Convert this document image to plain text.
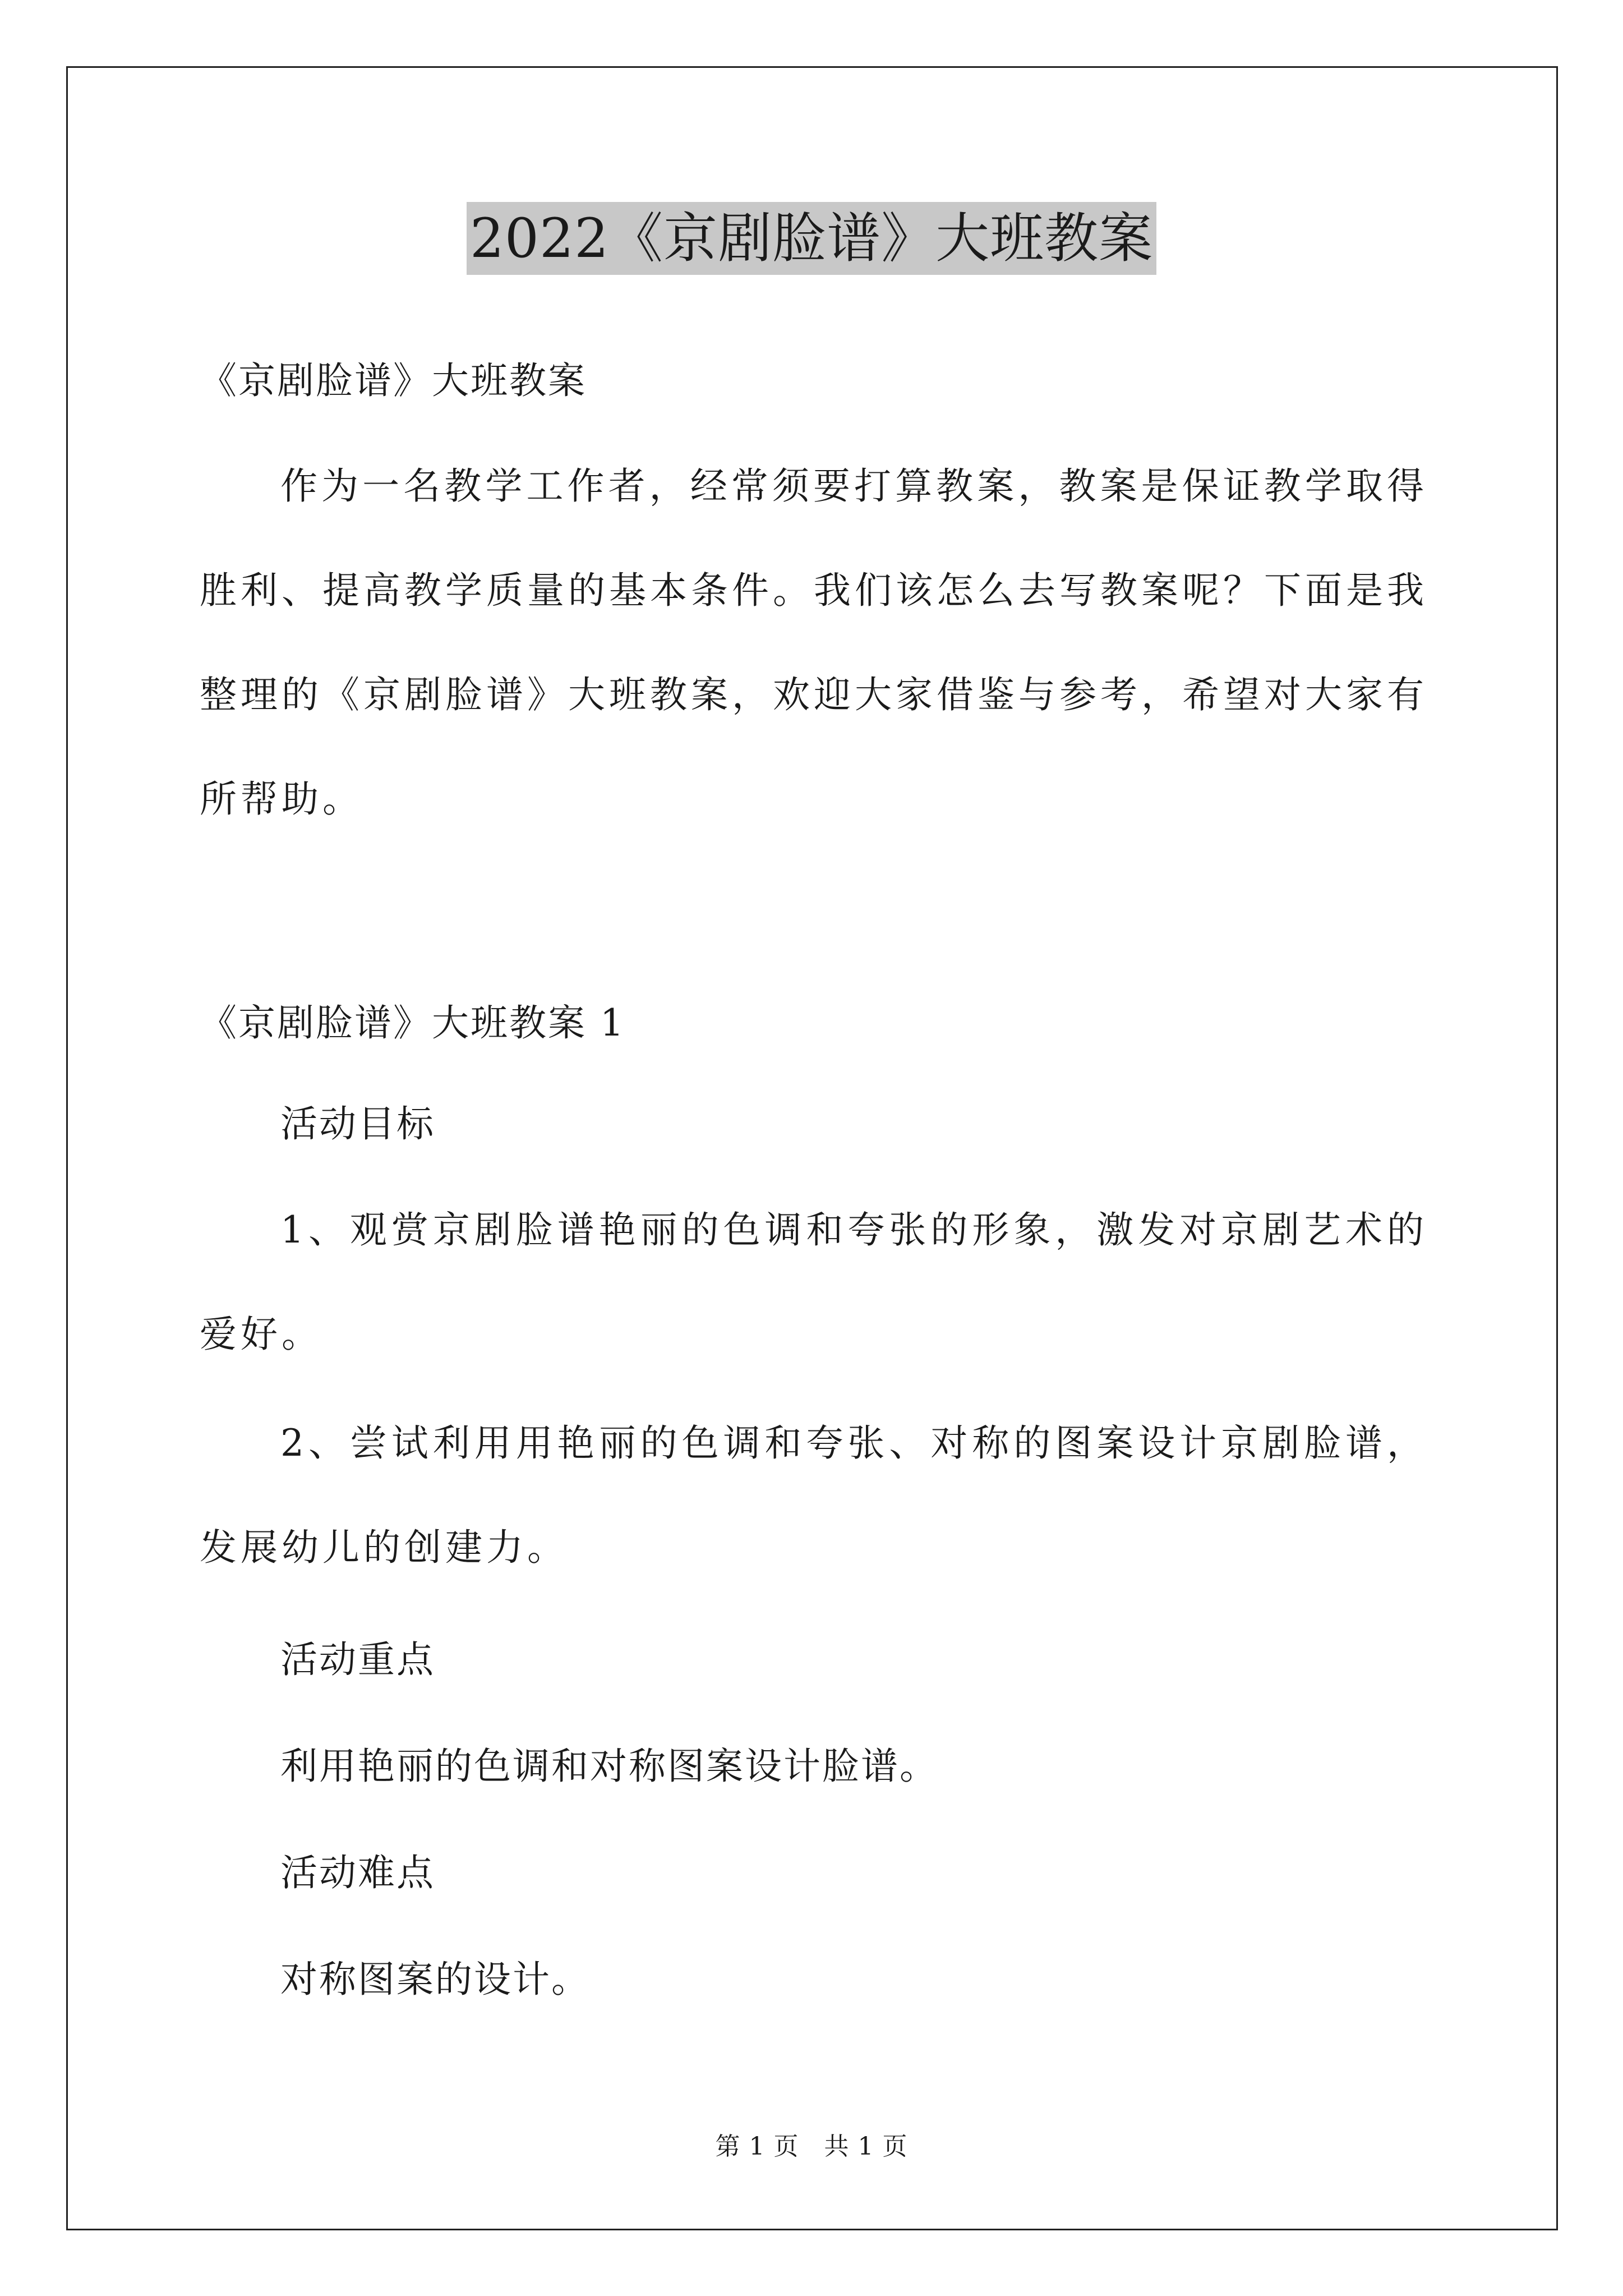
2022《京剧脸谱》大班教案

《京剧脸谱》大班教案

作为一名教学工作者，经常须要打算教案，教案是保证教学取得胜利、提高教学质量的基本条件。我们该怎么去写教案呢？下面是我整理的《京剧脸谱》大班教案，欢迎大家借鉴与参考，希望对大家有所帮助。

《京剧脸谱》大班教案 1

活动目标

1、观赏京剧脸谱艳丽的色调和夸张的形象，激发对京剧艺术的爱好。

2、尝试利用用艳丽的色调和夸张、对称的图案设计京剧脸谱，发展幼儿的创建力。

活动重点

利用艳丽的色调和对称图案设计脸谱。

活动难点

对称图案的设计。

第 1 页   共 1 页
